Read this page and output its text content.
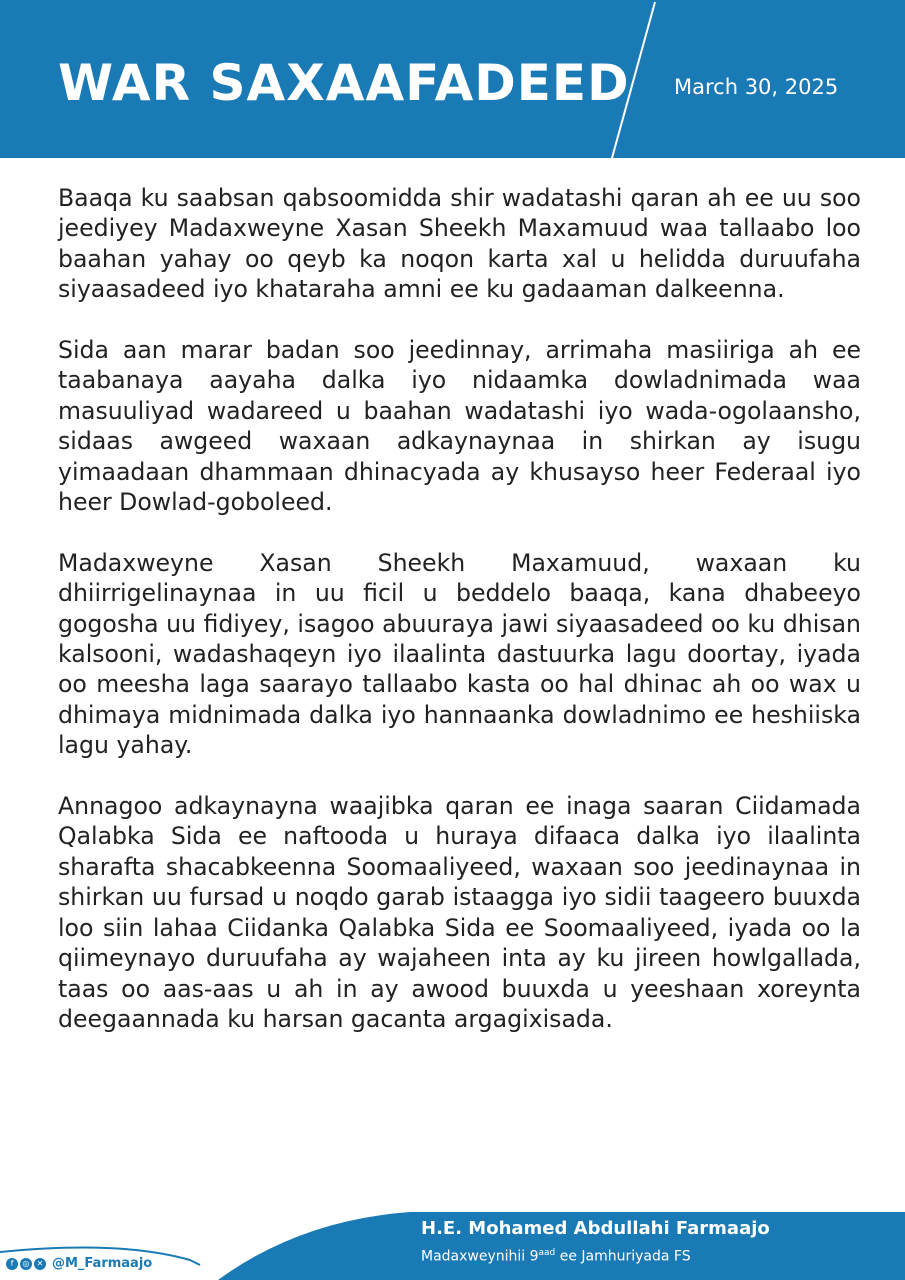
WAR SAXAAFADEED March 30, 2025

Baaqa ku saabsan qabsoomidda shir wadatashi qaran ah ee uu soo jeediyey Madaxweyne Xasan Sheekh Maxamuud waa tallaabo loo baahan yahay oo qeyb ka noqon karta xal u helidda duruufaha siyaasadeed iyo khataraha amni ee ku gadaaman dalkeenna.

Sida aan marar badan soo jeedinnay, arrimaha masiiriga ah ee taabanaya aayaha dalka iyo nidaamka dowladnimada waa masuuliyad wadareed u baahan wadatashi iyo wada-ogolaansho, sidaas awgeed waxaan adkaynaynaa in shirkan ay isugu yimaadaan dhammaan dhinacyada ay khusayso heer Federaal iyo heer Dowlad-goboleed.

Madaxweyne Xasan Sheekh Maxamuud, waxaan ku dhiirrigelinaynaa in uu ficil u beddelo baaqa, kana dhabeeyo gogosha uu fidiyey, isagoo abuuraya jawi siyaasadeed oo ku dhisan kalsooni, wadashaqeyn iyo ilaalinta dastuurka lagu doortay, iyada oo meesha laga saarayo tallaabo kasta oo hal dhinac ah oo wax u dhimaya midnimada dalka iyo hannaanka dowladnimo ee heshiiska lagu yahay.

Annagoo adkaynayna waajibka qaran ee inaga saaran Ciidamada Qalabka Sida ee naftooda u huraya difaaca dalka iyo ilaalinta sharafta shacabkeenna Soomaaliyeed, waxaan soo jeedinaynaa in shirkan uu fursad u noqdo garab istaagga iyo sidii taageero buuxda loo siin lahaa Ciidanka Qalabka Sida ee Soomaaliyeed, iyada oo la qiimeynayo duruufaha ay wajaheen inta ay ku jireen howlgallada, taas oo aas-aas u ah in ay awood buuxda u yeeshaan xoreynta deegaannada ku harsan gacanta argagixisada.

H.E. Mohamed Abdullahi Farmaajo
Madaxweynihii $9^{aad}$ ee Jamhuriyada FS
f	◎ ✕ @M_Farmaajo
